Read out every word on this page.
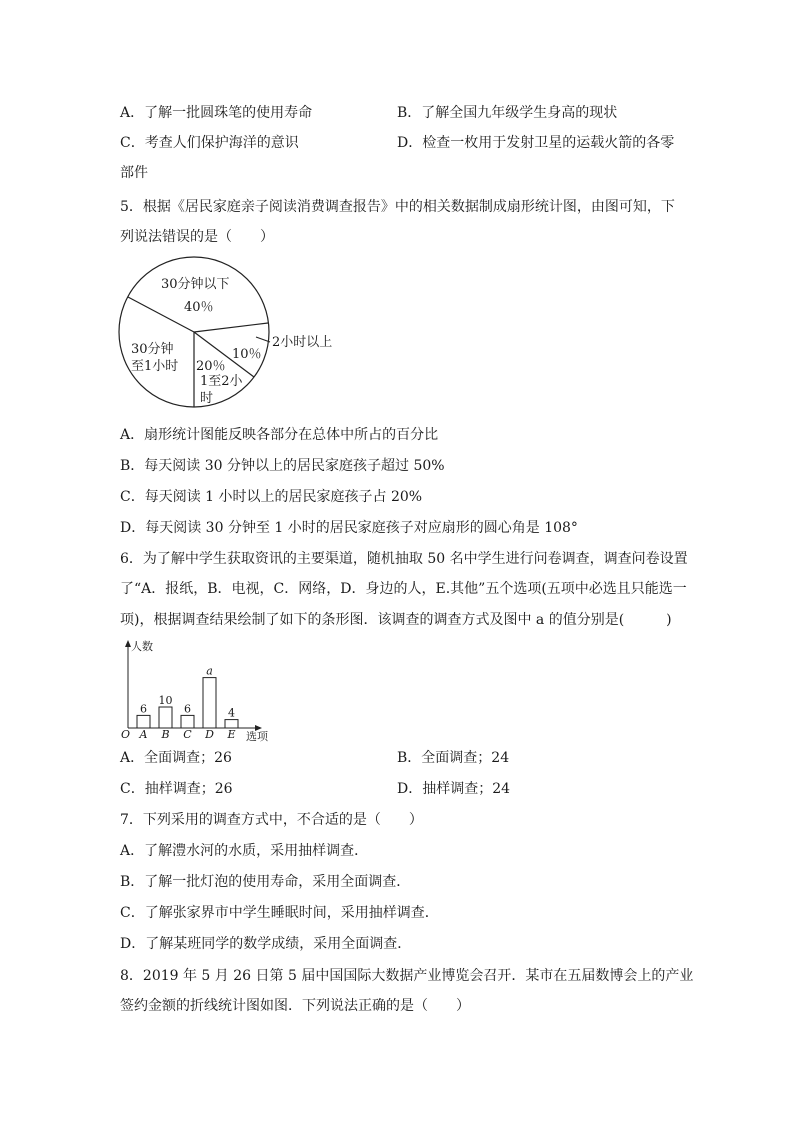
A．了解一批圆珠笔的使用寿命	B．了解全国九年级学生身高的现状
C．考查人们保护海洋的意识	D．检查一枚用于发射卫星的运载火箭的各零
部件
5．根据《居民家庭亲子阅读消费调查报告》中的相关数据制成扇形统计图，由图可知，下
列说法错误的是（　　）
30分钟以下
40％
2小时以上
10％
20％
1至2小
时
30分钟
至1小时
A．扇形统计图能反映各部分在总体中所占的百分比
B．每天阅读 30 分钟以上的居民家庭孩子超过 50%
C．每天阅读 1 小时以上的居民家庭孩子占 20%
D．每天阅读 30 分钟至 1 小时的居民家庭孩子对应扇形的圆心角是 108°
6．为了解中学生获取资讯的主要渠道，随机抽取 50 名中学生进行问卷调查，调查问卷设置
了“A．报纸，B．电视，C．网络，D．身边的人，E.其他”五个选项(五项中必选且只能选一
项)，根据调查结果绘制了如下的条形图．该调查的调查方式及图中 a 的值分别是(　　　)
人数
选项
O
6
A
10
B
6
C
a
D
4
E
A．全面调查；26	B．全面调查；24
C．抽样调查；26	D．抽样调查；24
7．下列采用的调查方式中，不合适的是（　　）
A．了解澧水河的水质，采用抽样调查．
B．了解一批灯泡的使用寿命，采用全面调查．
C．了解张家界市中学生睡眠时间，采用抽样调查．
D．了解某班同学的数学成绩，采用全面调查．
8．2019 年 5 月 26 日第 5 届中国国际大数据产业博览会召开．某市在五届数博会上的产业
签约金额的折线统计图如图．下列说法正确的是（　　）
